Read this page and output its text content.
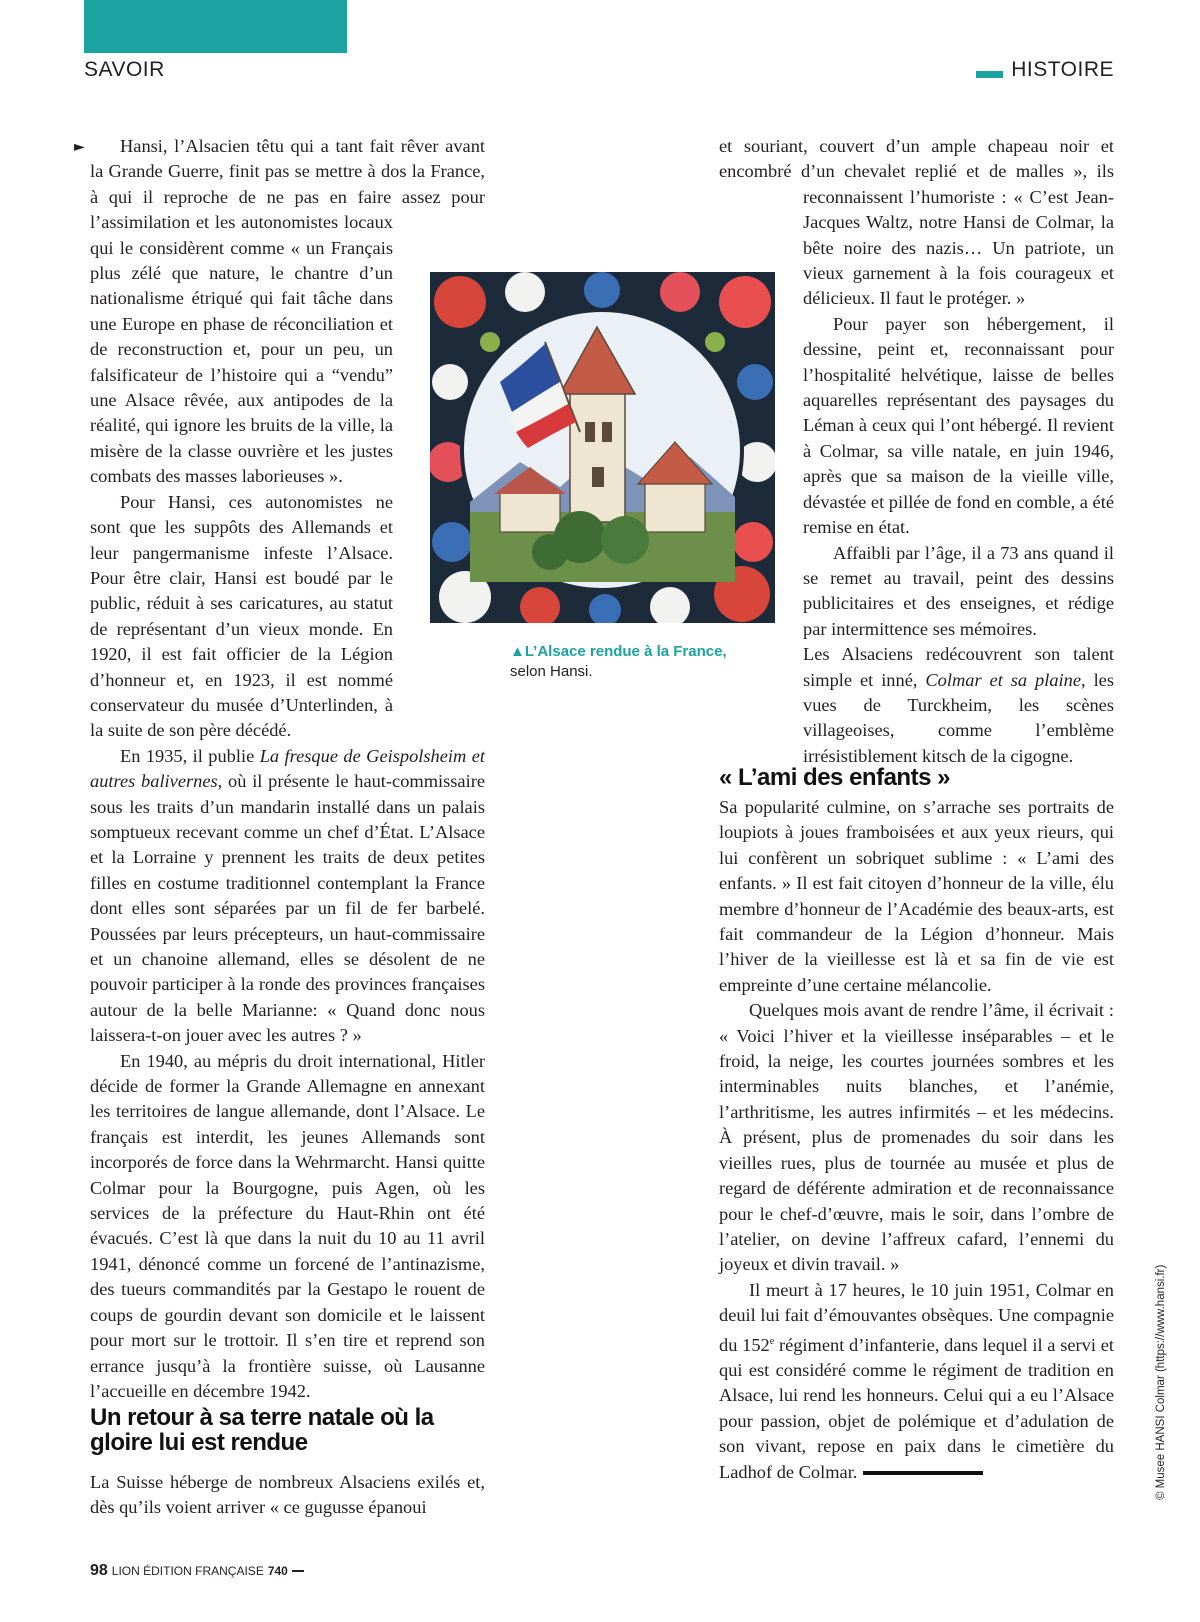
SAVOIR	HISTOIRE
►	Hansi, l’Alsacien têtu qui a tant fait rêver avant la Grande Guerre, finit pas se mettre à dos la France, à qui il reproche de ne pas en faire assez pour l’assimilation et les autonomistes locaux qui le considèrent comme « un Français plus zélé que nature, le chantre d’un nationalisme étriqué qui fait tâche dans une Europe en phase de réconciliation et de reconstruction et, pour un peu, un falsificateur de l’histoire qui a “vendu” une Alsace rêvée, aux antipodes de la réalité, qui ignore les bruits de la ville, la misère de la classe ouvrière et les justes combats des masses laborieuses ».

Pour Hansi, ces autonomistes ne sont que les suppôts des Allemands et leur pangermanisme infeste l’Alsace. Pour être clair, Hansi est boudé par le public, réduit à ses caricatures, au statut de représentant d’un vieux monde. En 1920, il est fait officier de la Légion d’honneur et, en 1923, il est nommé conservateur du musée d’Unterlinden, à la suite de son père décédé.

En 1935, il publie La fresque de Geispolsheim et autres balivernes, où il présente le haut-commissaire sous les traits d’un mandarin installé dans un palais somptueux recevant comme un chef d’État. L’Alsace et la Lorraine y prennent les traits de deux petites filles en costume traditionnel contemplant la France dont elles sont séparées par un fil de fer barbelé. Poussées par leurs précepteurs, un haut-commissaire et un chanoine allemand, elles se désolent de ne pouvoir participer à la ronde des provinces françaises autour de la belle Marianne: « Quand donc nous laissera-t-on jouer avec les autres ? »

En 1940, au mépris du droit international, Hitler décide de former la Grande Allemagne en annexant les territoires de langue allemande, dont l’Alsace. Le français est interdit, les jeunes Allemands sont incorporés de force dans la Wehrmarcht. Hansi quitte Colmar pour la Bourgogne, puis Agen, où les services de la préfecture du Haut-Rhin ont été évacués. C’est là que dans la nuit du 10 au 11 avril 1941, dénoncé comme un forcené de l’antinazisme, des tueurs commandités par la Gestapo le rouent de coups de gourdin devant son domicile et le laissent pour mort sur le trottoir. Il s’en tire et reprend son errance jusqu’à la frontière suisse, où Lausanne l’accueille en décembre 1942.

Un retour à sa terre natale où la gloire lui est rendue

La Suisse héberge de nombreux Alsaciens exilés et, dès qu’ils voient arriver « ce gugusse épanoui

▲L’Alsace rendue à la France, selon Hansi.

et souriant, couvert d’un ample chapeau noir et encombré d’un chevalet replié et de malles », ils reconnaissent l’humoriste : « C’est Jean-Jacques Waltz, notre Hansi de Colmar, la bête noire des nazis… Un patriote, un vieux garnement à la fois courageux et délicieux. Il faut le protéger. »

Pour payer son hébergement, il dessine, peint et, reconnaissant pour l’hospitalité helvétique, laisse de belles aquarelles représentant des paysages du Léman à ceux qui l’ont hébergé. Il revient à Colmar, sa ville natale, en juin 1946, après que sa maison de la vieille ville, dévastée et pillée de fond en comble, a été remise en état.

Affaibli par l’âge, il a 73 ans quand il se remet au travail, peint des dessins publicitaires et des enseignes, et rédige par intermittence ses mémoires.

Les Alsaciens redécouvrent son talent simple et inné, Colmar et sa plaine, les vues de Turckheim, les scènes villageoises, comme l’emblème irrésistiblement kitsch de la cigogne.

« L’ami des enfants »

Sa popularité culmine, on s’arrache ses portraits de loupiots à joues framboisées et aux yeux rieurs, qui lui confèrent un sobriquet sublime : « L’ami des enfants. » Il est fait citoyen d’honneur de la ville, élu membre d’honneur de l’Académie des beaux-arts, est fait commandeur de la Légion d’honneur. Mais l’hiver de la vieillesse est là et sa fin de vie est empreinte d’une certaine mélancolie.

Quelques mois avant de rendre l’âme, il écrivait : « Voici l’hiver et la vieillesse inséparables – et le froid, la neige, les courtes journées sombres et les interminables nuits blanches, et l’anémie, l’arthritisme, les autres infirmités – et les médecins. À présent, plus de promenades du soir dans les vieilles rues, plus de tournée au musée et plus de regard de déférente admiration et de reconnaissance pour le chef-d’œuvre, mais le soir, dans l’ombre de l’atelier, on devine l’affreux cafard, l’ennemi du joyeux et divin travail. »

Il meurt à 17 heures, le 10 juin 1951, Colmar en deuil lui fait d’émouvantes obsèques. Une compagnie du 152e régiment d’infanterie, dans lequel il a servi et qui est considéré comme le régiment de tradition en Alsace, lui rend les honneurs. Celui qui a eu l’Alsace pour passion, objet de polémique et d’adulation de son vivant, repose en paix dans le cimetière du Ladhof de Colmar.

98 LION ÉDITION FRANÇAISE 740
© Musee HANSI Colmar (https://www.hansi.fr)
